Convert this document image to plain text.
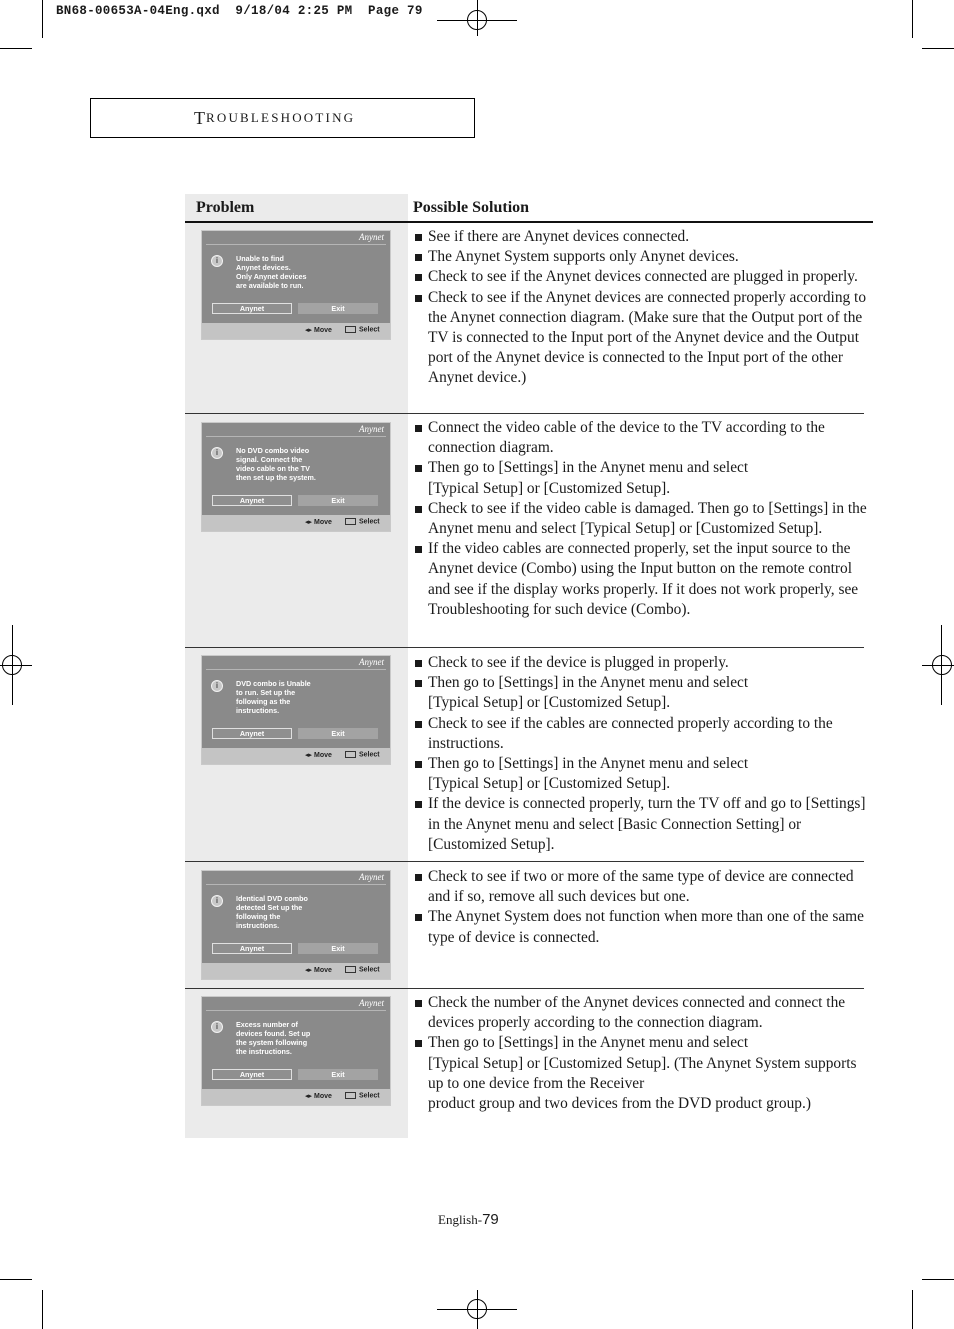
BN68-00653A-04Eng.qxd  9/18/04 2:25 PM  Page 79
T ROUBLESHOOTING
Problem	Possible Solution
Anynet
i	Unable to find
Anynet devices.
Only Anynet devices
are available to run.
Anynet	Exit
◂▸ Move	Select
See if there are Anynet devices connected.
The Anynet System supports only Anynet devices.
Check to see if the Anynet devices connected are plugged in properly.
Check to see if the Anynet devices are connected properly according to the Anynet connection diagram. (Make sure that the Output port of the TV is connected to the Input port of the Anynet device and the Output port of the Anynet device is connected to the Input port of the other Anynet device.)
Anynet
i	No DVD combo video
signal. Connect the
video cable on the TV
then set up the system.
Anynet	Exit
◂▸ Move	Select
Connect the video cable of the device to the TV according to the connection diagram.
Then go to [Settings] in the Anynet menu and select
[Typical Setup] or [Customized Setup].
Check to see if the video cable is damaged. Then go to [Settings] in the Anynet menu and select [Typical Setup] or [Customized Setup].
If the video cables are connected properly, set the input source to the Anynet device (Combo) using the Input button on the remote control and see if the display works properly. If it does not work properly, see Troubleshooting for such device (Combo).
Anynet
i	DVD combo is Unable
to run. Set up the
following as the
instructions.
Anynet	Exit
◂▸ Move	Select
Check to see if the device is plugged in properly.
Then go to [Settings] in the Anynet menu and select
[Typical Setup] or [Customized Setup].
Check to see if the cables are connected properly according to the instructions.
Then go to [Settings] in the Anynet menu and select
[Typical Setup] or [Customized Setup].
If the device is connected properly, turn the TV off and go to [Settings] in the Anynet menu and select [Basic Connection Setting] or [Customized Setup].
Anynet
i	Identical DVD combo
detected Set up the
following the
instructions.
Anynet	Exit
◂▸ Move	Select
Check to see if two or more of the same type of device are connected and if so, remove all such devices but one.
The Anynet System does not function when more than one of the same type of device is connected.
Anynet
i	Excess number of
devices found. Set up
the system following
the instructions.
Anynet	Exit
◂▸ Move	Select
Check the number of the Anynet devices connected and connect the devices properly according to the connection diagram.
Then go to [Settings] in the Anynet menu and select
[Typical Setup] or [Customized Setup]. (The Anynet System supports up to one device from the Receiver
product group and two devices from the DVD product group.)
English-79
